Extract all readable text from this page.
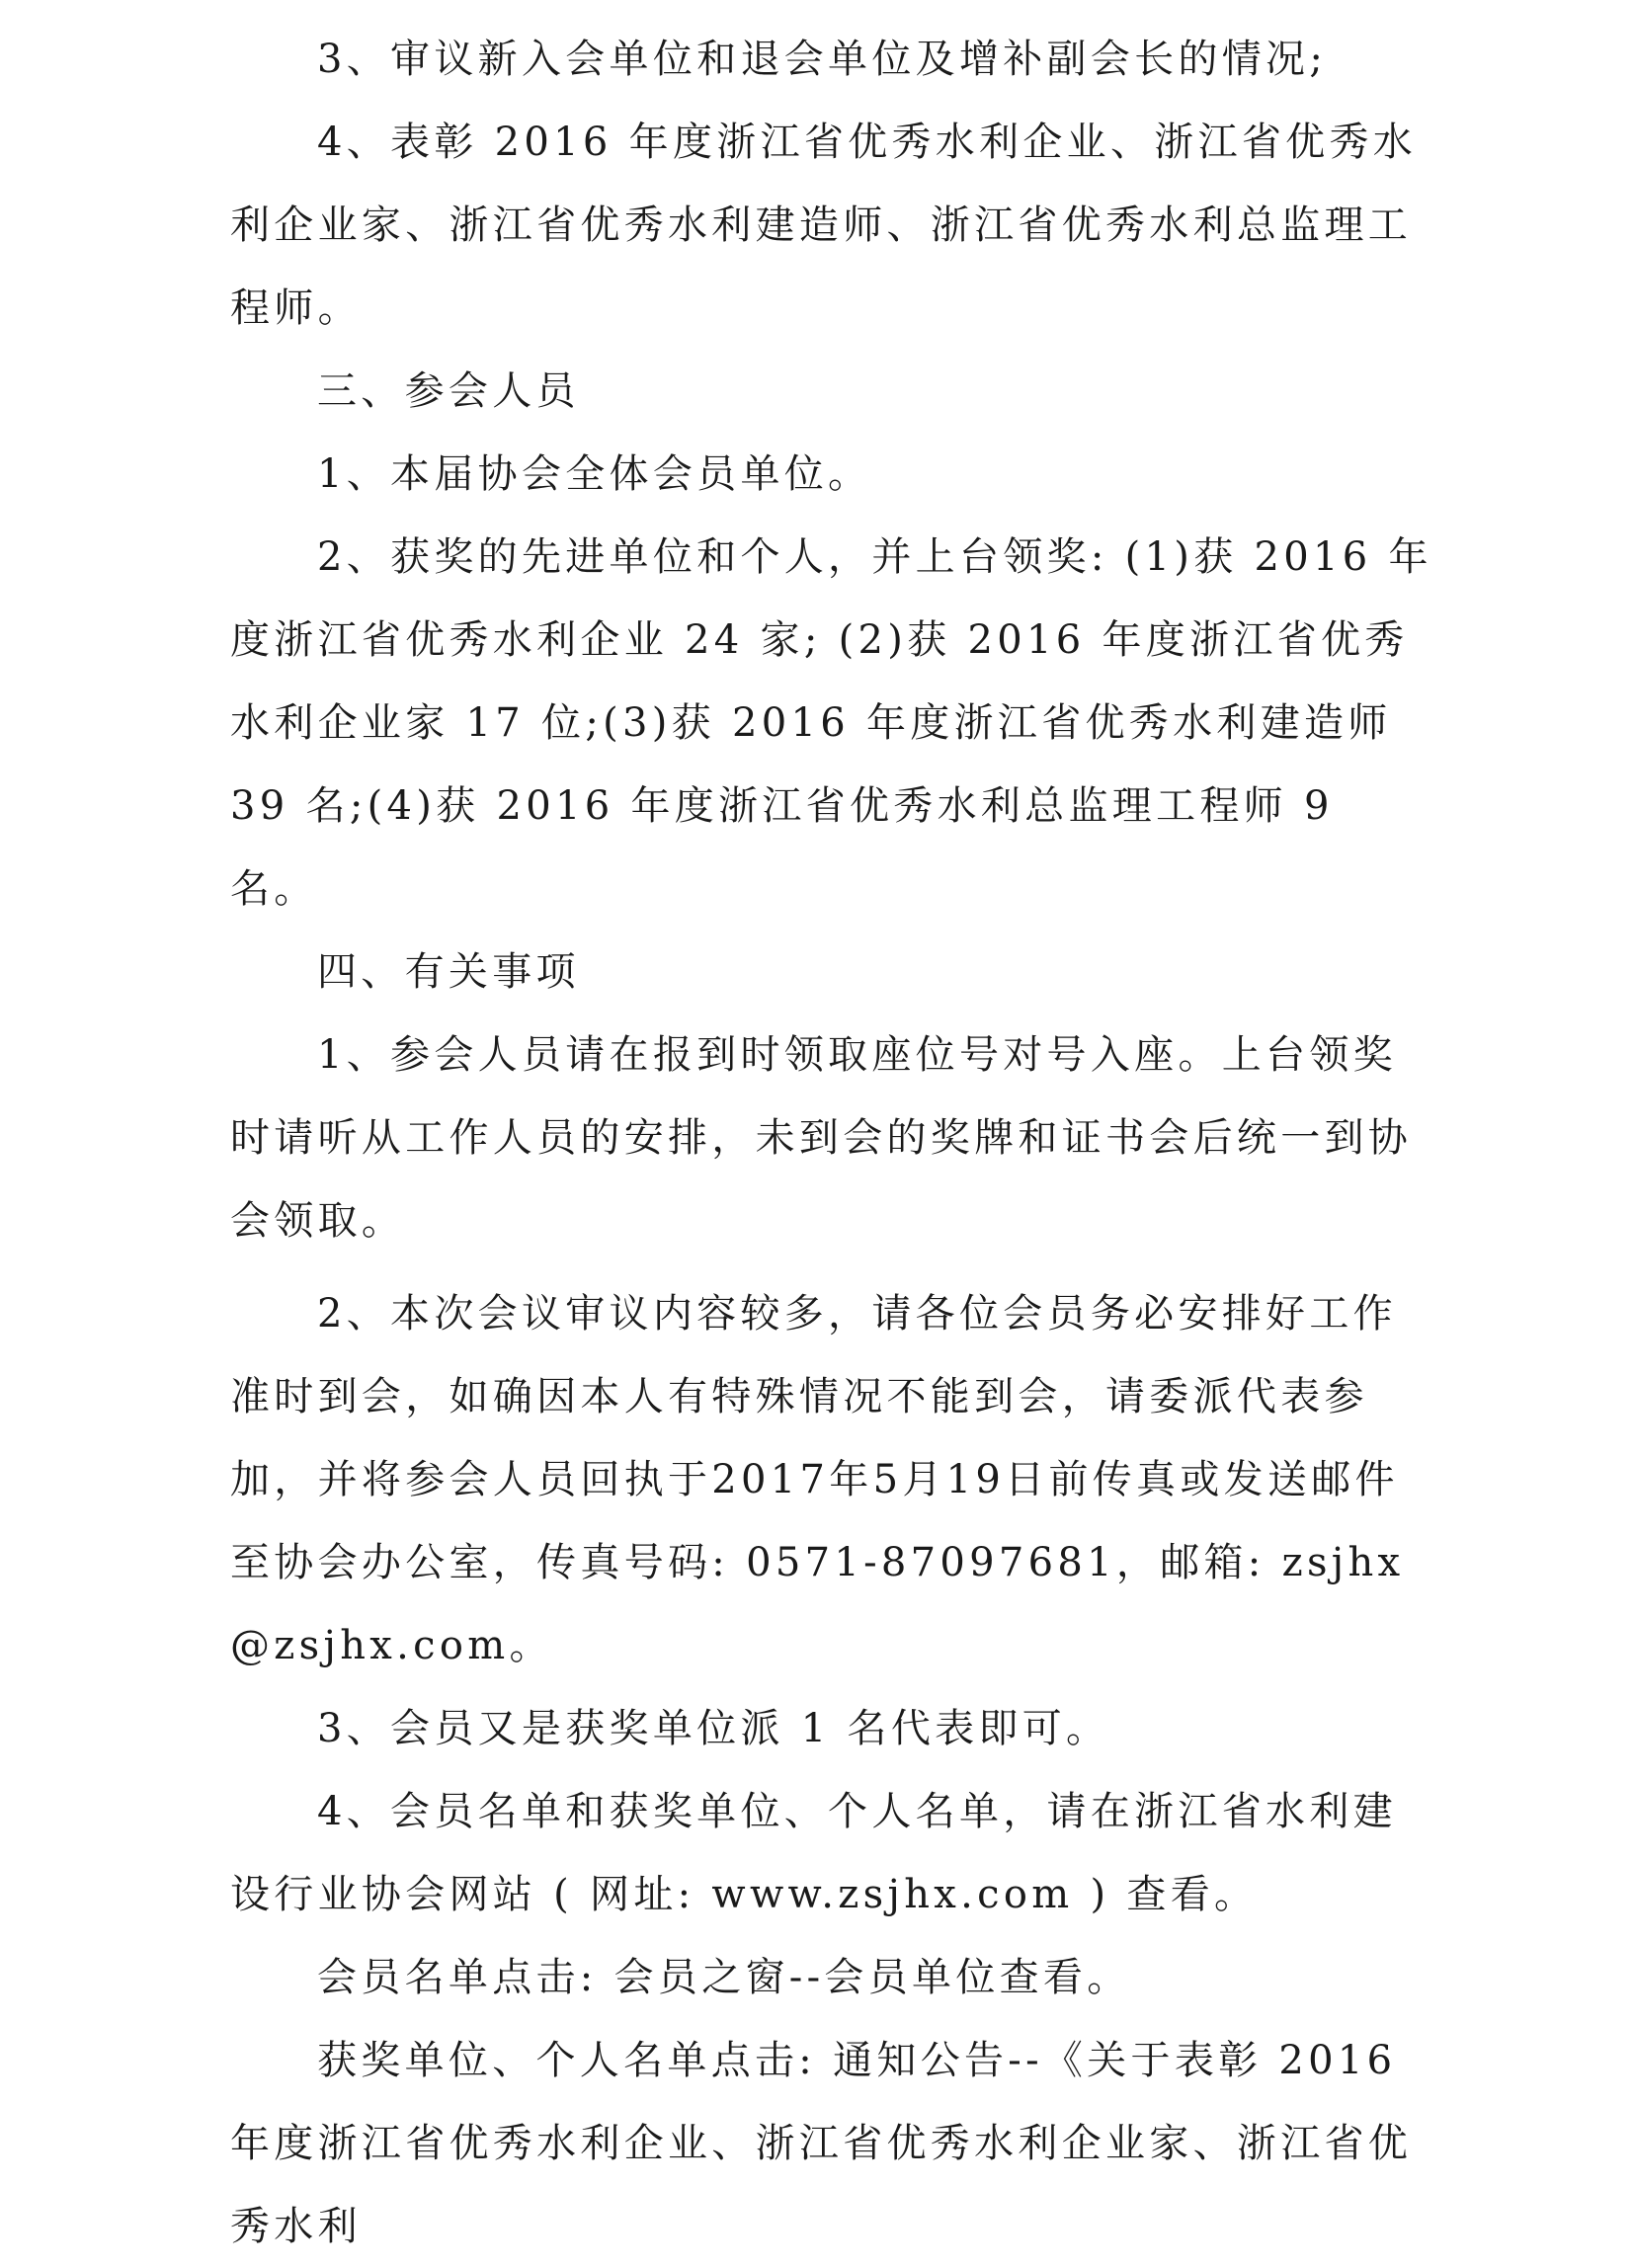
3、审议新入会单位和退会单位及增补副会长的情况;

4、表彰 2016 年度浙江省优秀水利企业、浙江省优秀水利企业家、浙江省优秀水利建造师、浙江省优秀水利总监理工程师。

三、参会人员

1、本届协会全体会员单位。

2、获奖的先进单位和个人，并上台领奖: (1)获 2016 年度浙江省优秀水利企业 24 家; (2)获 2016 年度浙江省优秀水利企业家 17 位;(3)获 2016 年度浙江省优秀水利建造师 39 名;(4)获 2016 年度浙江省优秀水利总监理工程师 9 名。

四、有关事项

1、参会人员请在报到时领取座位号对号入座。上台领奖时请听从工作人员的安排，未到会的奖牌和证书会后统一到协会领取。

2、本次会议审议内容较多，请各位会员务必安排好工作准时到会，如确因本人有特殊情况不能到会，请委派代表参加，并将参会人员回执于2017年5月19日前传真或发送邮件至协会办公室，传真号码: 0571-87097681，邮箱: zsjhx@zsjhx.com。

3、会员又是获奖单位派 1 名代表即可。

4、会员名单和获奖单位、个人名单，请在浙江省水利建设行业协会网站 ( 网址: www.zsjhx.com ) 查看。

会员名单点击: 会员之窗--会员单位查看。

获奖单位、个人名单点击: 通知公告--《关于表彰 2016 年度浙江省优秀水利企业、浙江省优秀水利企业家、浙江省优秀水利
